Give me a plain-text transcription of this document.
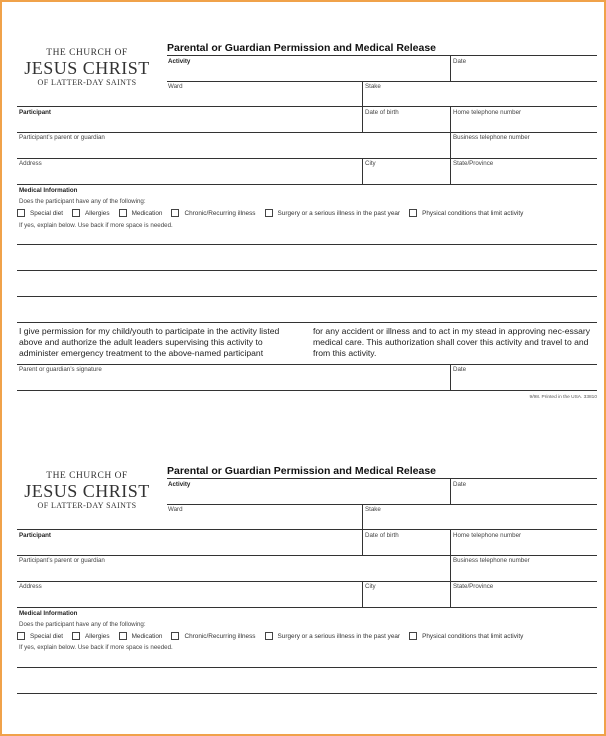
THE CHURCH OF
JESUS CHRIST
OF LATTER-DAY SAINTS
Parental or Guardian Permission and Medical Release
Activity	Date
Ward	Stake
Participant	Date of birth	Home telephone number
Participant’s parent or guardian	Business telephone number
Address	City	State/Province
Medical Information
Does the participant have any of the following:
Special diet	Allergies	Medication	Chronic/Recurring illness	Surgery or a serious illness in the past year	Physical conditions that limit activity
If yes, explain below. Use back if more space is needed.
I give permission for my child/youth to participate in the activity listed above and authorize the adult leaders supervising this activity to administer emergency treatment to the above-named participant
for any accident or illness and to act in my stead in approving nec-essary medical care. This authorization shall cover this activity and travel to and from this activity.
Parent or guardian’s signature	Date
9/98. Printed in the USA. 33810
THE CHURCH OF
JESUS CHRIST
OF LATTER-DAY SAINTS
Parental or Guardian Permission and Medical Release
Activity	Date
Ward	Stake
Participant	Date of birth	Home telephone number
Participant’s parent or guardian	Business telephone number
Address	City	State/Province
Medical Information
Does the participant have any of the following:
Special diet	Allergies	Medication	Chronic/Recurring illness	Surgery or a serious illness in the past year	Physical conditions that limit activity
If yes, explain below. Use back if more space is needed.
